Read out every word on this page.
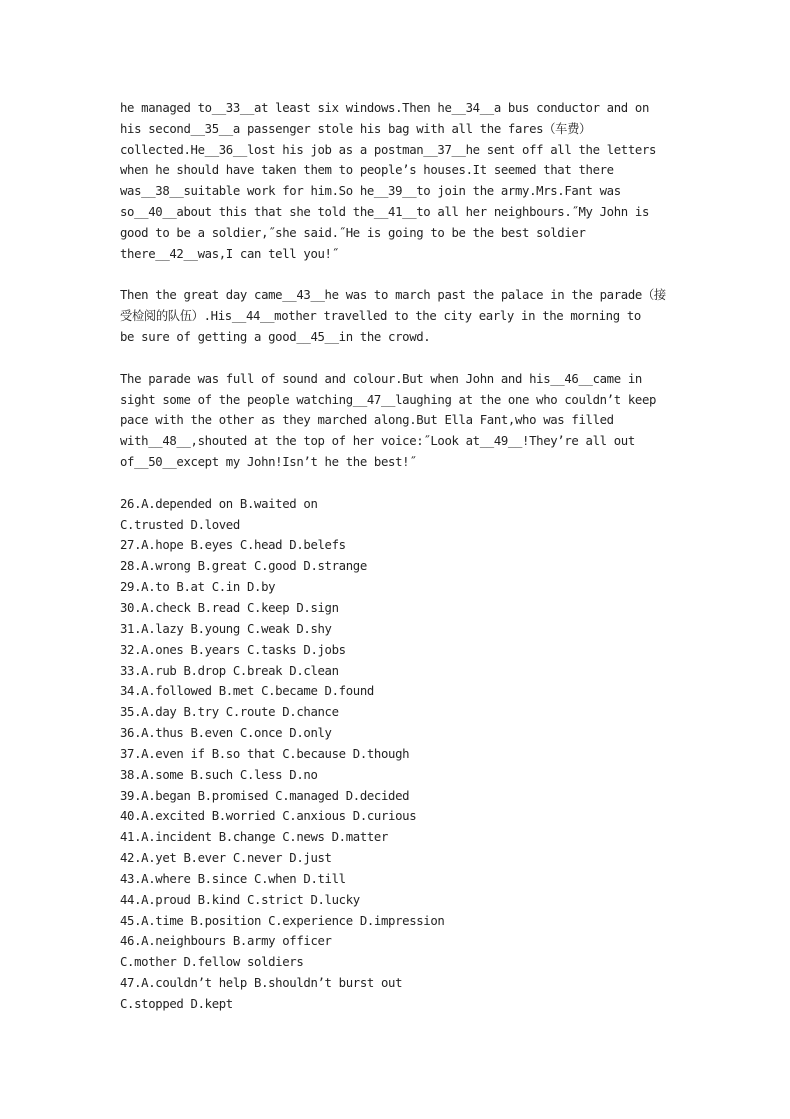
he managed to__33__at least six windows.Then he__34__a bus conductor and on
his second__35__a passenger stole his bag with all the fares（车费）
collected.He__36__lost his job as a postman__37__he sent off all the letters
when he should have taken them to people’s houses.It seemed that there
was__38__suitable work for him.So he__39__to join the army.Mrs.Fant was
so__40__about this that she told the__41__to all her neighbours.˝My John is
good to be a soldier,˝she said.˝He is going to be the best soldier
there__42__was,I can tell you!˝
Then the great day came__43__he was to march past the palace in the parade（接
受检阅的队伍）.His__44__mother travelled to the city early in the morning to
be sure of getting a good__45__in the crowd.
The parade was full of sound and colour.But when John and his__46__came in
sight some of the people watching__47__laughing at the one who couldn’t keep
pace with the other as they marched along.But Ella Fant,who was filled
with__48__,shouted at the top of her voice:˝Look at__49__!They’re all out
of__50__except my John!Isn’t he the best!˝
26.A.depended on B.waited on
C.trusted D.loved
27.A.hope B.eyes C.head D.belefs
28.A.wrong B.great C.good D.strange
29.A.to B.at C.in D.by
30.A.check B.read C.keep D.sign
31.A.lazy B.young C.weak D.shy
32.A.ones B.years C.tasks D.jobs
33.A.rub B.drop C.break D.clean
34.A.followed B.met C.became D.found
35.A.day B.try C.route D.chance
36.A.thus B.even C.once D.only
37.A.even if B.so that C.because D.though
38.A.some B.such C.less D.no
39.A.began B.promised C.managed D.decided
40.A.excited B.worried C.anxious D.curious
41.A.incident B.change C.news D.matter
42.A.yet B.ever C.never D.just
43.A.where B.since C.when D.till
44.A.proud B.kind C.strict D.lucky
45.A.time B.position C.experience D.impression
46.A.neighbours B.army officer
C.mother D.fellow soldiers
47.A.couldn’t help B.shouldn’t burst out
C.stopped D.kept
